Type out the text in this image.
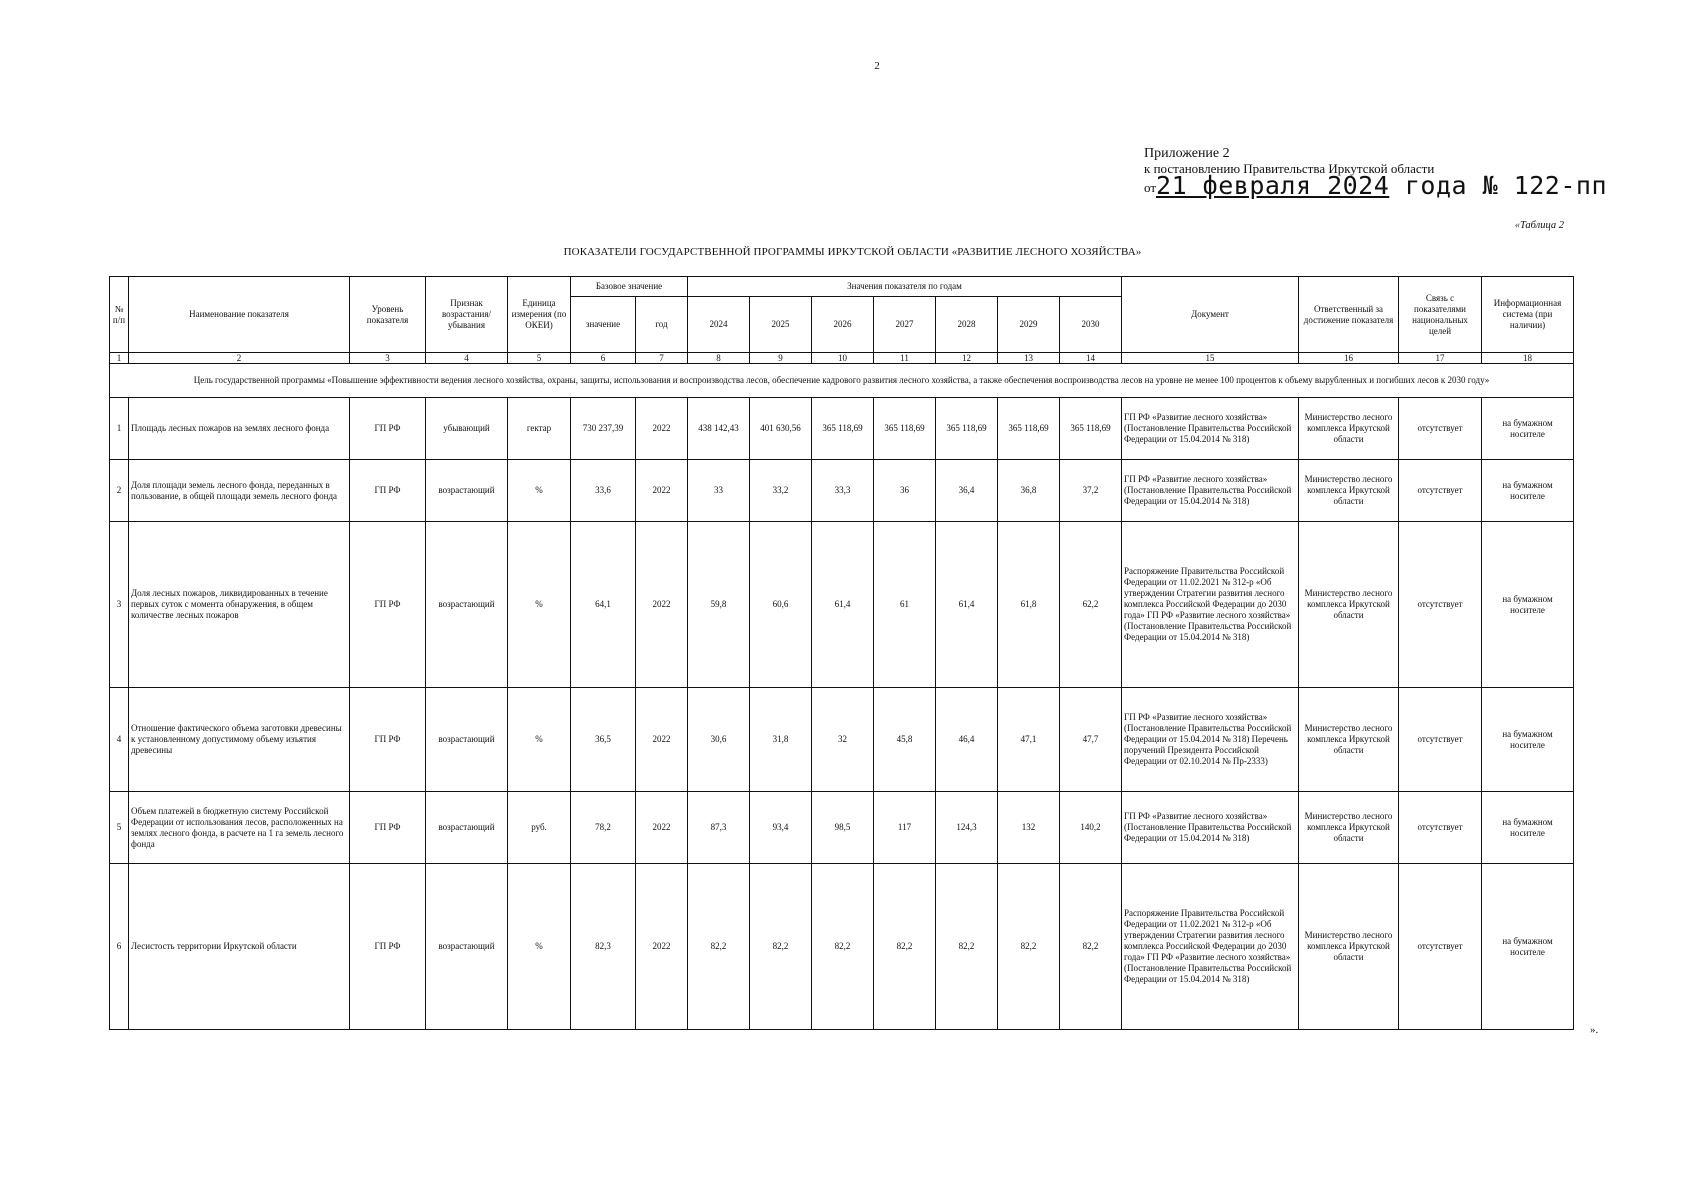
2
Приложение 2
к постановлению Правительства Иркутской области
от21 февраля 2024 года № 122-пп
«Таблица 2
ПОКАЗАТЕЛИ ГОСУДАРСТВЕННОЙ ПРОГРАММЫ ИРКУТСКОЙ ОБЛАСТИ «РАЗВИТИЕ ЛЕСНОГО ХОЗЯЙСТВА»
№ п/п	Наименование показателя	Уровень показателя	Признак возрастания/ убывания	Единица измерения (по ОКЕИ)	Базовое значение		Значения показателя по годам							Документ	Ответственный за достижение показателя	Связь с показателями национальных целей	Информационная система (при наличии)
					значение	год	2024	2025	2026	2027	2028	2029	2030				
1	2	3	4	5	6	7	8	9	10	11	12	13	14	15	16	17	18
Цель государственной программы «Повышение эффективности ведения лесного хозяйства, охраны, защиты, использования и воспроизводства лесов, обеспечение кадрового развития лесного хозяйства, а также обеспечения воспроизводства лесов на уровне не менее 100 процентов к объему вырубленных и погибших лесов к 2030 году»																	
1	Площадь лесных пожаров на землях лесного фонда	ГП РФ	убывающий	гектар	730 237,39	2022	438 142,43	401 630,56	365 118,69	365 118,69	365 118,69	365 118,69	365 118,69	ГП РФ «Развитие лесного хозяйства» (Постановление Правительства Российской Федерации от 15.04.2014 № 318)	Министерство лесного комплекса Иркутской области	отсутствует	на бумажном носителе
2	Доля площади земель лесного фонда, переданных в пользование, в общей площади земель лесного фонда	ГП РФ	возрастающий	%	33,6	2022	33	33,2	33,3	36	36,4	36,8	37,2	ГП РФ «Развитие лесного хозяйства» (Постановление Правительства Российской Федерации от 15.04.2014 № 318)	Министерство лесного комплекса Иркутской области	отсутствует	на бумажном носителе
3	Доля лесных пожаров, ликвидированных в течение первых суток с момента обнаружения, в общем количестве лесных пожаров	ГП РФ	возрастающий	%	64,1	2022	59,8	60,6	61,4	61	61,4	61,8	62,2	Распоряжение Правительства Российской Федерации от 11.02.2021 № 312-р «Об утверждении Стратегии развития лесного комплекса Российской Федерации до 2030 года» ГП РФ «Развитие лесного хозяйства» (Постановление Правительства Российской Федерации от 15.04.2014 № 318)	Министерство лесного комплекса Иркутской области	отсутствует	на бумажном носителе
4	Отношение фактического объема заготовки древесины к установленному допустимому объему изъятия древесины	ГП РФ	возрастающий	%	36,5	2022	30,6	31,8	32	45,8	46,4	47,1	47,7	ГП РФ «Развитие лесного хозяйства» (Постановление Правительства Российской Федерации от 15.04.2014 № 318) Перечень поручений Президента Российской Федерации от 02.10.2014 № Пр-2333)	Министерство лесного комплекса Иркутской области	отсутствует	на бумажном носителе
5	Объем платежей в бюджетную систему Российской Федерации от использования лесов, расположенных на землях лесного фонда, в расчете на 1 га земель лесного фонда	ГП РФ	возрастающий	руб.	78,2	2022	87,3	93,4	98,5	117	124,3	132	140,2	ГП РФ «Развитие лесного хозяйства» (Постановление Правительства Российской Федерации от 15.04.2014 № 318)	Министерство лесного комплекса Иркутской области	отсутствует	на бумажном носителе
6	Лесистость территории Иркутской области	ГП РФ	возрастающий	%	82,3	2022	82,2	82,2	82,2	82,2	82,2	82,2	82,2	Распоряжение Правительства Российской Федерации от 11.02.2021 № 312-р «Об утверждении Стратегии развития лесного комплекса Российской Федерации до 2030 года» ГП РФ «Развитие лесного хозяйства» (Постановление Правительства Российской Федерации от 15.04.2014 № 318)	Министерство лесного комплекса Иркутской области	отсутствует	на бумажном носителе
».
